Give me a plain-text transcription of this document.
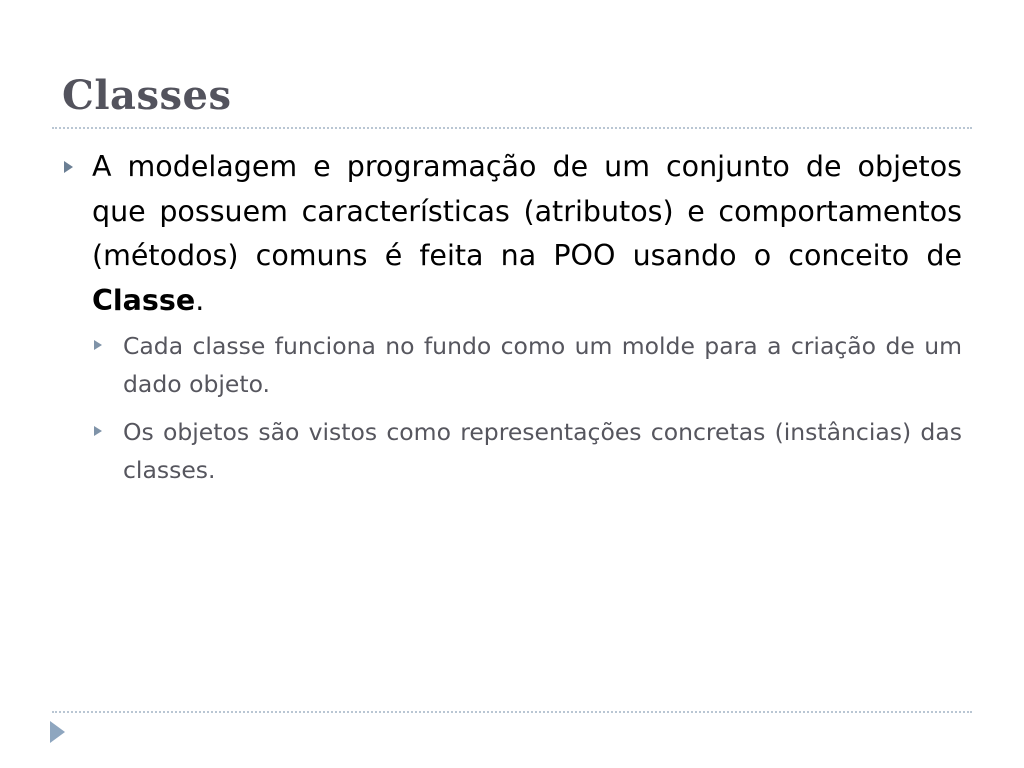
Classes
A modelagem e programação de um conjunto de objetos que possuem características (atributos) e comportamentos (métodos) comuns é feita na POO usando o conceito de Classe.
Cada classe funciona no fundo como um molde para a criação de um dado objeto.
Os objetos são vistos como representações concretas (instâncias) das classes.
